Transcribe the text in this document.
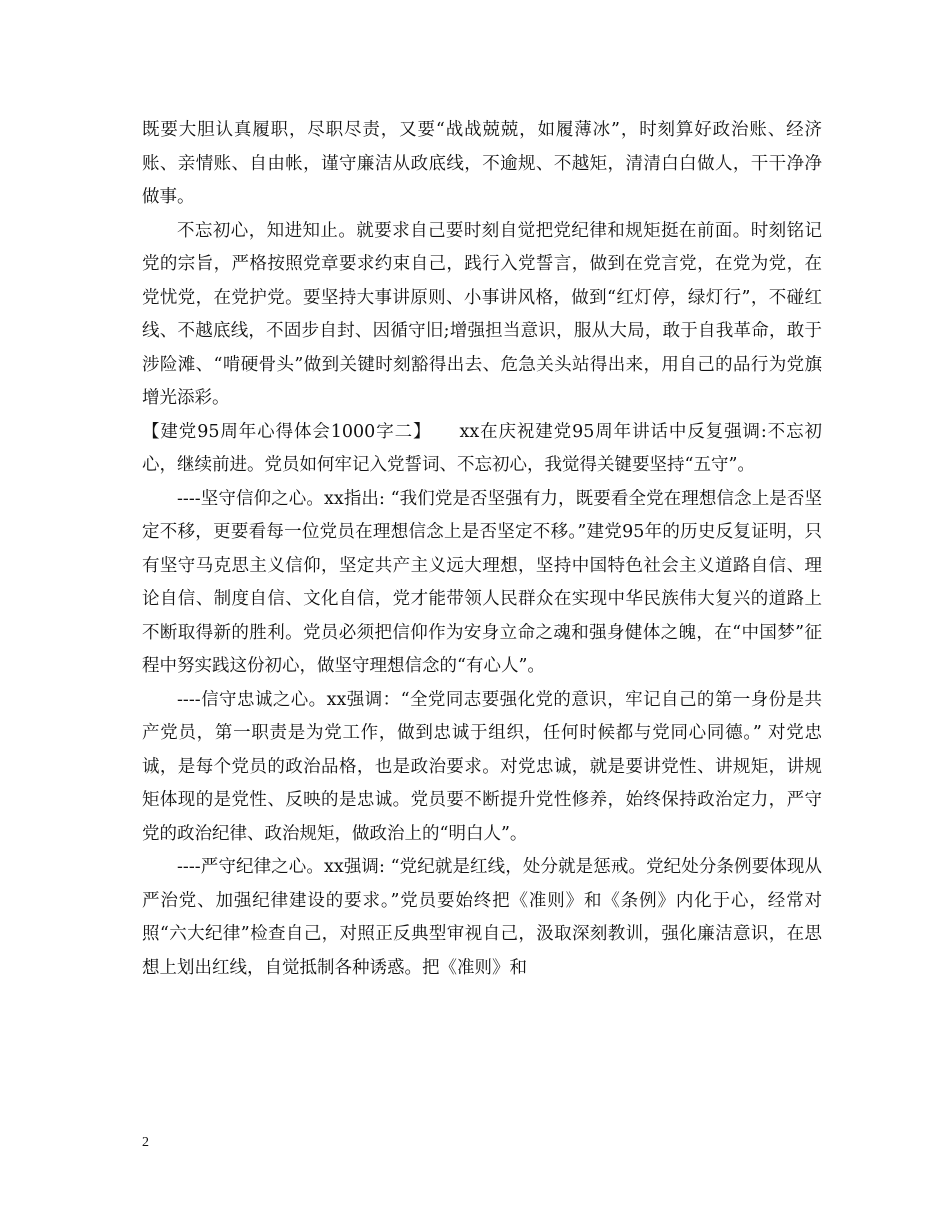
既要大胆认真履职，尽职尽责，又要“战战兢兢，如履薄冰”，时刻算好政治账、经济账、亲情账、自由帐，谨守廉洁从政底线，不逾规、不越矩，清清白白做人，干干净净做事。

不忘初心，知进知止。就要求自己要时刻自觉把党纪律和规矩挺在前面。时刻铭记党的宗旨，严格按照党章要求约束自己，践行入党誓言，做到在党言党，在党为党，在党忧党，在党护党。要坚持大事讲原则、小事讲风格，做到“红灯停，绿灯行”，不碰红线、不越底线，不固步自封、因循守旧;增强担当意识，服从大局，敢于自我革命，敢于涉险滩、“啃硬骨头”做到关键时刻豁得出去、危急关头站得出来，用自己的品行为党旗增光添彩。

【建党95周年心得体会1000字二】　　xx在庆祝建党95周年讲话中反复强调:不忘初心，继续前进。党员如何牢记入党誓词、不忘初心，我觉得关键要坚持“五守”。

----坚守信仰之心。xx指出: “我们党是否坚强有力，既要看全党在理想信念上是否坚定不移，更要看每一位党员在理想信念上是否坚定不移。”建党95年的历史反复证明，只有坚守马克思主义信仰，坚定共产主义远大理想，坚持中国特色社会主义道路自信、理论自信、制度自信、文化自信，党才能带领人民群众在实现中华民族伟大复兴的道路上不断取得新的胜利。党员必须把信仰作为安身立命之魂和强身健体之魄，在“中国梦”征程中努实践这份初心，做坚守理想信念的“有心人”。

----信守忠诚之心。xx强调：“全党同志要强化党的意识，牢记自己的第一身份是共产党员，第一职责是为党工作，做到忠诚于组织，任何时候都与党同心同德。” 对党忠诚，是每个党员的政治品格，也是政治要求。对党忠诚，就是要讲党性、讲规矩，讲规矩体现的是党性、反映的是忠诚。党员要不断提升党性修养，始终保持政治定力，严守党的政治纪律、政治规矩，做政治上的“明白人”。

----严守纪律之心。xx强调: “党纪就是红线，处分就是惩戒。党纪处分条例要体现从严治党、加强纪律建设的要求。”党员要始终把《准则》和《条例》内化于心，经常对照“六大纪律”检查自己，对照正反典型审视自己，汲取深刻教训，强化廉洁意识，在思想上划出红线，自觉抵制各种诱惑。把《准则》和

2
